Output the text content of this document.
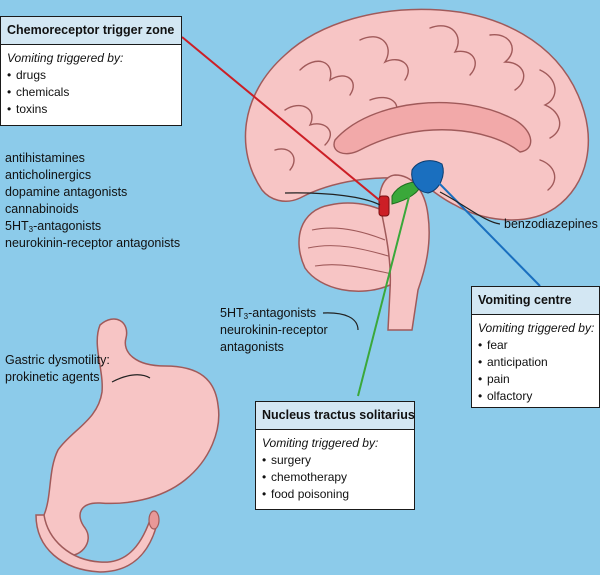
Chemoreceptor trigger zone
Vomiting triggered by:
• drugs
• chemicals
• toxins
antihistamines
anticholinergics
dopamine antagonists
cannabinoids
$5HT_3$-antagonists
neurokinin-receptor antagonists
benzodiazepines
$5HT_3$-antagonists
neurokinin-receptor
antagonists
Gastric dysmotility:
prokinetic agents
Vomiting centre
Vomiting triggered by:
• fear
• anticipation
• pain
• olfactory
Nucleus tractus solitarius
Vomiting triggered by:
• surgery
• chemotherapy
• food poisoning
